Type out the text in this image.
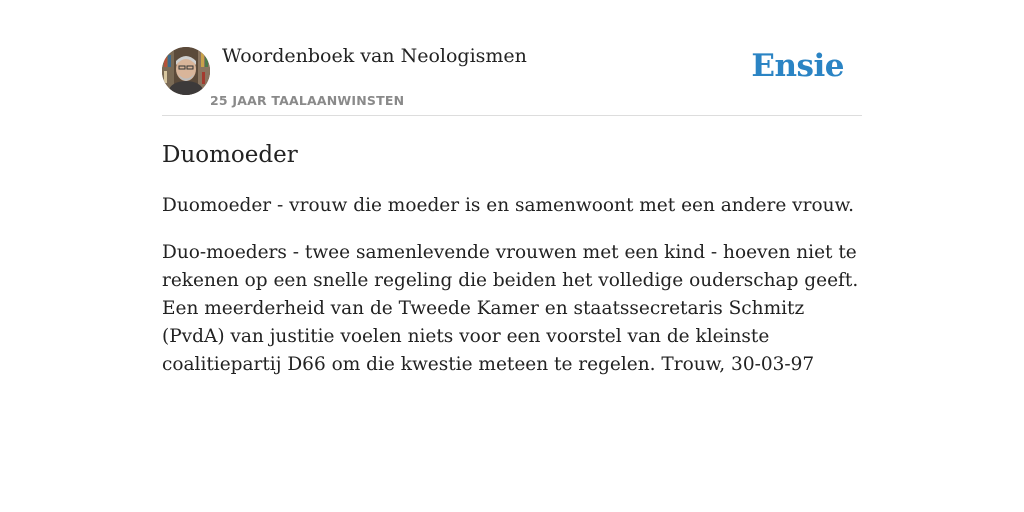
Woordenboek van Neologismen
25 JAAR TAALAANWINSTEN
Ensie
Duomoeder

Duomoeder - vrouw die moeder is en samenwoont met een andere vrouw.

Duo-moeders - twee samenlevende vrouwen met een kind - hoeven niet te rekenen op een snelle regeling die beiden het volledige ouderschap geeft. Een meerderheid van de Tweede Kamer en staatssecretaris Schmitz (PvdA) van justitie voelen niets voor een voorstel van de kleinste coalitiepartij D66 om die kwestie meteen te regelen. Trouw, 30-03-97
